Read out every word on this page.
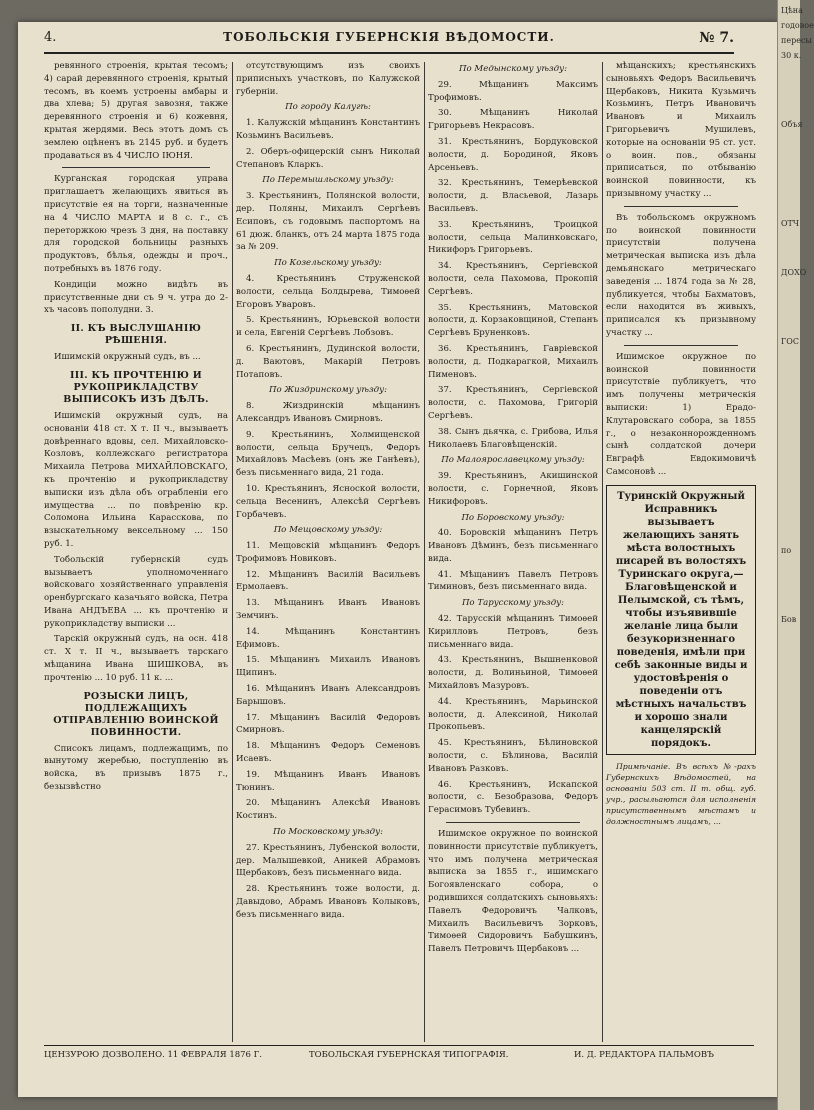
Цѣна
годовое
пересы
30 к.
Объя
ОТЧ
ДОХО
ГОС
по
Бов
4.	ТОБОЛЬСКІЯ ГУБЕРНСКІЯ ВѢДОМОСТИ.	№ 7.

ревянного строенія, крытая тесомъ; 4) сарай деревянного строенія, крытый тесомъ, въ коемъ устроены амбары и два хлева; 5) другая завозня, также деревянного строенія и 6) кожевня, крытая жердями. Весь этотъ домъ съ землею оцѣненъ въ 2145 руб. и будетъ продаваться въ 4 ЧИСЛО ІЮНЯ.

Курганская городская управа приглашаетъ желающихъ явиться въ присутствіе ея на торги, назначенные на 4 ЧИСЛО МАРТА и 8 с. г., съ переторжкою чрезъ 3 дня, на поставку для городской больницы разныхъ продуктовъ, бѣлья, одежды и проч., потребныхъ въ 1876 году.

Кондиціи можно видѣть въ присутственные дни съ 9 ч. утра до 2-хъ часовъ пополудни. 3.

II. КЪ ВЫСЛУШАНІЮ РѢШЕНІЯ.

Ишимскій окружный судъ, въ ...

III. КЪ ПРОЧТЕНІЮ И РУКОПРИКЛАДСТВУ ВЫПИСОКЪ ИЗЪ ДѢЛЪ.

Ишимскій окружный судъ, на основаніи 418 ст. Х т. II ч., вызываетъ довѣреннаго вдовы, сел. Михайловско-Козловъ, коллежскаго регистратора Михаила Петрова МИХАЙЛОВСКАГО, къ прочтенію и рукоприкладству выписки изъ дѣла объ ограбленіи его имущества ... по повѣренію кр. Соломона Ильина Карасскова, по взыскательному вексельному ... 150 руб. 1.

Тобольскій губернскій судъ вызываетъ уполномоченнаго войсковаго хозяйственнаго управленія оренбургскаго казачьяго войска, Петра Ивана АНДЪЕВА ... къ прочтенію и рукоприкладству выписки ...

Тарскій окружный судъ, на осн. 418 ст. Х т. II ч., вызываетъ тарскаго мѣщанина Ивана ШИШКОВА, въ прочтенію ... 10 руб. 11 к. ...

РОЗЫСКИ ЛИЦЪ, ПОДЛЕЖАЩИХЪ ОТПРАВЛЕНІЮ ВОИНСКОЙ ПОВИННОСТИ.

Списокъ лицамъ, подлежащимъ, по вынутому жеребью, поступленію въ войска, въ призывъ 1875 г., безызвѣстно

отсутствующимъ изъ своихъ приписныхъ участковъ, по Калужской губерніи.

По городу Калугѣ:

1. Калужскій мѣщанинъ Константинъ Козьминъ Васильевъ.

2. Оберъ-офицерскій сынъ Николай Степановъ Кларкъ.

По Перемышльскому уѣзду:

3. Крестьянинъ, Полянской волости, дер. Поляны, Михаилъ Сергѣевъ Есиповъ, съ годовымъ паспортомъ на 61 дюж. бланкъ, отъ 24 марта 1875 года за № 209.

По Козельскому уѣзду:

4. Крестьянинъ Струженской волости, сельца Болдырева, Тимоѳей Егоровъ Уваровъ.

5. Крестьянинъ, Юрьевской волости и села, Евгеній Сергѣевъ Лобзовъ.

6. Крестьянинъ, Дудинской волости, д. Ваютовъ, Макарій Петровъ Потаповъ.

По Жиздринскому уѣзду:

8. Жиздринскій мѣщанинъ Александръ Ивановъ Смирновъ.

9. Крестьянинъ, Холмищенской волости, сельца Бручецъ, Федоръ Михайловъ Масѣевъ (онъ же Ганѣевъ), безъ письменнаго вида, 21 года.

10. Крестьянинъ, Ясноской волости, сельца Весенинъ, Алексѣй Сергѣевъ Горбачевъ.

По Мещовскому уѣзду:

11. Мещовскій мѣщанинъ Федоръ Трофимовъ Новиковъ.

12. Мѣщанинъ Василій Васильевъ Ермолаевъ.

13. Мѣщанинъ Иванъ Ивановъ Земчинъ.

14. Мѣщанинъ Константинъ Ефимовъ.

15. Мѣщанинъ Михаилъ Ивановъ Щипинъ.

16. Мѣщанинъ Иванъ Александровъ Барышовъ.

17. Мѣщанинъ Василій Федоровъ Смирновъ.

18. Мѣщанинъ Федоръ Семеновъ Исаевъ.

19. Мѣщанинъ Иванъ Ивановъ Тюнинъ.

20. Мѣщанинъ Алексѣй Ивановъ Костинъ.

По Московскому уѣзду:

27. Крестьянинъ, Лубенской волости, дер. Малышевкой, Аникей Абрамовъ Щербаковъ, безъ письменнаго вида.

28. Крестьянинъ тоже волости, д. Давыдово, Абрамъ Ивановъ Колыковъ, безъ письменнаго вида.

По Медынскому уѣзду:

29. Мѣщанинъ Максимъ Трофимовъ.

30. Мѣщанинъ Николай Григорьевъ Некрасовъ.

31. Крестьянинъ, Бордуковской волости, д. Бородиной, Яковъ Арсеньевъ.

32. Крестьянинъ, Темерѣевской волости, д. Власьевой, Лазарь Васильевъ.

33. Крестьянинъ, Троицкой волости, сельца Малинковскаго, Никифоръ Григорьевъ.

34. Крестьянинъ, Сергіевской волости, села Пахомова, Прокопій Сергѣевъ.

35. Крестьянинъ, Матовской волости, д. Корзаковщиной, Степанъ Сергѣевъ Бруненковъ.

36. Крестьянинъ, Гавріевской волости, д. Подкарагкой, Михаилъ Пименовъ.

37. Крестьянинъ, Сергіевской волости, с. Пахомова, Григорій Сергѣевъ.

38. Сынъ дьячка, с. Грибова, Илья Николаевъ Благовѣщенскій.

По Малоярославецкому уѣзду:

39. Крестьянинъ, Акишинской волости, с. Горнечной, Яковъ Никифоровъ.

По Боровскому уѣзду:

40. Боровскій мѣщанинъ Петръ Ивановъ Дѣминъ, безъ письменнаго вида.

41. Мѣщанинъ Павелъ Петровъ Тиминовъ, безъ письменнаго вида.

По Тарусскому уѣзду:

42. Тарусскій мѣщанинъ Тимоѳей Кирилловъ Петровъ, безъ письменнаго вида.

43. Крестьянинъ, Вышненковой волости, д. Волиньиной, Тимоѳей Михайловъ Мазуровъ.

44. Крестьянинъ, Марьинской волости, д. Алексиной, Николай Прокопьевъ.

45. Крестьянинъ, Бѣлиновской волости, с. Бѣлинова, Василій Ивановъ Разковъ.

46. Крестьянинъ, Искапской волости, с. Безобразова, Федоръ Герасимовъ Тубевинъ.

Ишимское окружное по воинской повинности присутствіе публикуетъ, что имъ получена метрическая выписка за 1855 г., ишимскаго Богоявленскаго собора, о родившихся солдатскихъ сыновьяхъ: Павелъ Федоровичъ Чалковъ, Михаилъ Васильевичъ Зорковъ, Тимоѳей Сидоровичъ Бабушкинъ, Павелъ Петровичъ Щербаковъ ...

мѣщанскихъ; крестьянскихъ сыновьяхъ Федоръ Васильевичъ Щербаковъ, Никита Кузьмичъ Козьминъ, Петръ Ивановичъ Ивановъ и Михаилъ Григорьевичъ Мушилевъ, которые на основаніи 95 ст. уст. о воин. пов., обязаны приписаться, по отбыванію воинской повинности, къ призывному участку ...

Въ тобольскомъ окружномъ по воинской повинности присутствіи получена метрическая выписка изъ дѣла демьянскаго метрическаго заведенія ... 1874 года за № 28, публикуется, чтобы Бахматовъ, если находится въ живыхъ, приписался къ призывному участку ...

Ишимское окружное по воинской повинности присутствіе публикуетъ, что имъ получены метрическія выписки: 1) Ерадо-Клутаровскаго собора, за 1855 г., о незаконнорожденномъ сынѣ солдатской дочери Евграфѣ Евдокимовичѣ Самсоновѣ ...

Туринскій Окружный Исправникъ вызываетъ желающихъ занять мѣста волостныхъ писарей въ волостяхъ Туринскаго округа,— Благовѣщенской и Пелымской, съ тѣмъ, чтобы изъявившіе желаніе лица были безукоризненнаго поведенія, имѣли при себѣ законные виды и удостовѣренія о поведеніи отъ мѣстныхъ начальствъ и хорошо знали канцелярскій порядокъ.

Примѣчаніе. Въ всѣхъ №-рахъ Губернскихъ Вѣдомостей, на основаніи 503 ст. II т. общ. губ. учр., расыльаются для исполненія присутственнымъ мѣстамъ и должностнымъ лицамъ, ...

ЦЕНЗУРОЮ ДОЗВОЛЕНО. 11 ФЕВРАЛЯ 1876 Г.	ТОБОЛЬСКАЯ ГУБЕРНСКАЯ ТИПОГРАФІЯ.	И. Д. РЕДАКТОРА ПАЛЬМОВЪ
